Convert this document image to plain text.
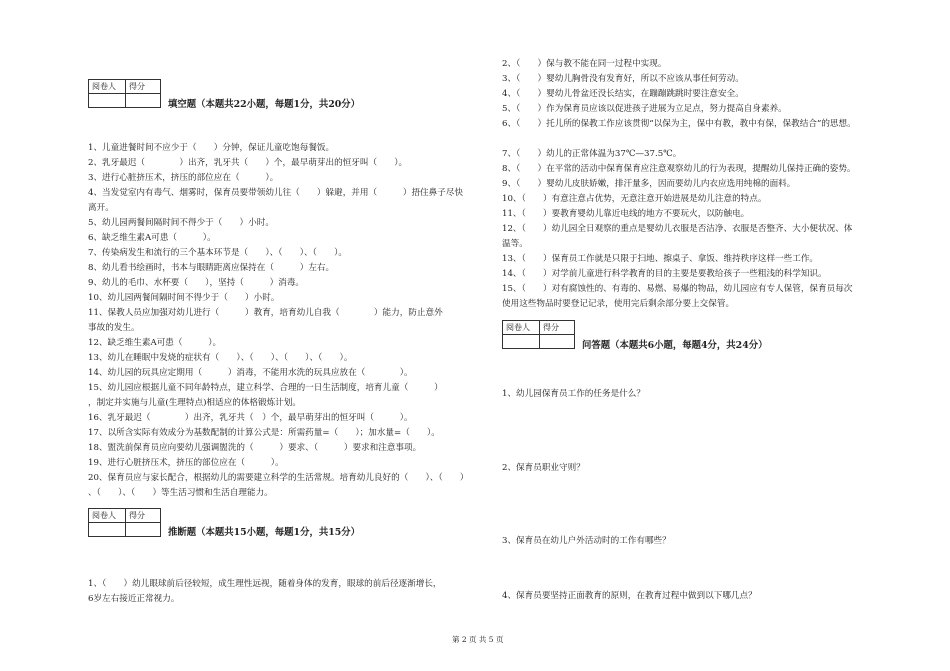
阅卷人	得分

填空题（本题共22小题，每题1分，共20分）
1、儿童进餐时间不应少于（　　）分钟，保证儿童吃饱每餐饭。
2、乳牙最迟（　　　　）出齐，乳牙共（　　）个，最早萌芽出的恒牙叫（　　）。
3、进行心脏挤压术，挤压的部位应在（　　　）。
4、当发觉室内有毒气、烟雾时，保育员要带领幼儿往（　　）躲避，并用（　　　）捂住鼻子尽快
离开。
5、幼儿园两餐间隔时间不得少于（　　）小时。
6、缺乏维生素A可患（　　　）。
7、传染病发生和流行的三个基本环节是（　　）、（　　）、（　　）。
8、幼儿看书绘画时，书本与眼睛距离应保持在（　　　）左右。
9、幼儿的毛巾、水杯要（　　），坚持（　　　）消毒。
10、幼儿园两餐间隔时间不得少于（　　）小时。
11、保教人员应加强对幼儿进行（　　　）教育，培育幼儿自我（　　　　）能力，防止意外
事故的发生。
12、缺乏维生素A可患（　　　）。
13、幼儿在睡眠中发烧的症状有（　　）、（　　）、（　　）、（　　）。
14、幼儿园的玩具应定期用（　　　）消毒，不能用水洗的玩具应放在（　　　　）。
15、幼儿园应根据儿童不同年龄特点，建立科学、合理的一日生活制度，培育儿童（　　　）
，制定并实施与儿童(生理特点)相适应的体格锻炼计划。
16、乳牙最迟（　　　　）出齐，乳牙共（　）个，最早萌芽出的恒牙叫（　　　）。
17、以所含实际有效成分为基数配制的计算公式是：所需药量=（　　）；加水量=（　　）。
18、盥洗前保育员应向要幼儿强调盥洗的（　　　）要求、（　　　）要求和注意事项。
19、进行心脏挤压术，挤压的部位应在（　　　）。
20、保育员应与家长配合，根据幼儿的需要建立科学的生活常规。培育幼儿良好的（　　）、（　　）
、（　　）、（　　）等生活习惯和生活自理能力。
阅卷人	得分

推断题（本题共15小题，每题1分，共15分）
1、（　　）幼儿眼球前后径较短，成生理性远视，随着身体的发育，眼球的前后径逐渐增长，
6岁左右接近正常视力。
2、（　　）保与教不能在同一过程中实现。
3、（　　）婴幼儿胸骨没有发育好，所以不应该从事任何劳动。
4、（　　）婴幼儿骨盆还没长结实，在蹦蹦跳跳时要注意安全。
5、（　　）作为保育员应该以促进孩子进展为立足点，努力提高自身素养。
6、（　　）托儿所的保教工作应该贯彻“以保为主，保中有教，教中有保，保教结合”的思想。
7、（　　）幼儿的正常体温为37℃—37.5℃。
8、（　　）在平常的活动中保育保育应注意观察幼儿的行为表现，提醒幼儿保持正确的姿势。
9、（　　）婴幼儿皮肤娇嫩，排汗量多，因而要幼儿内衣应选用纯棉的面料。
10、（　　）有意注意占优势，无意注意开始进展是幼儿注意的特点。
11、（　　）要教育婴幼儿靠近电线的地方不要玩火，以防触电。
12、（　　）幼儿园全日观察的重点是婴幼儿衣服是否洁净、衣服是否整齐、大小便状况、体
温等。
13、（　　）保育员工作就是只限于扫地、擦桌子、拿饭、维持秩序这样一些工作。
14、（　　）对学前儿童进行科学教育的目的主要是要教给孩子一些粗浅的科学知识。
15、（　　）对有腐蚀性的、有毒的、易燃、易爆的物品，幼儿园应有专人保管，保育员每次
使用这些物品时要登记记录，使用完后剩余部分要上交保管。
阅卷人	得分

问答题（本题共6小题，每题4分，共24分）
1、幼儿园保育员工作的任务是什么？
2、保育员职业守则？
3、保育员在幼儿户外活动时的工作有哪些？
4、保育员要坚持正面教育的原则，在教育过程中做到以下哪几点？
第 2 页 共 5 页
